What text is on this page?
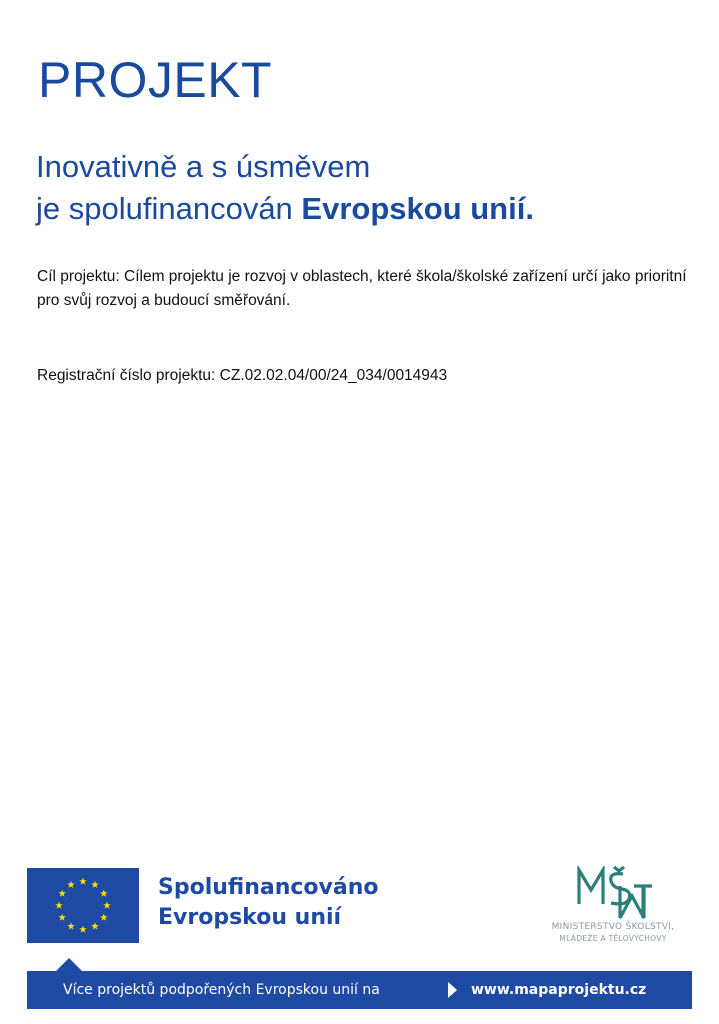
PROJEKT
Inovativně a s úsměvem
je spolufinancován Evropskou unií.
Cíl projektu: Cílem projektu je rozvoj v oblastech, které škola/školské zařízení určí jako prioritní pro svůj rozvoj a budoucí směřování.
Registrační číslo projektu: CZ.02.02.04/00/24_034/0014943
Spolufinancováno
Evropskou unií	MINISTERSTVO ŠKOLSTVÍ,
MLÁDEŽE A TĚLOVÝCHOVY
Více projektů podpořených Evropskou unií na	www.mapaprojektu.cz
